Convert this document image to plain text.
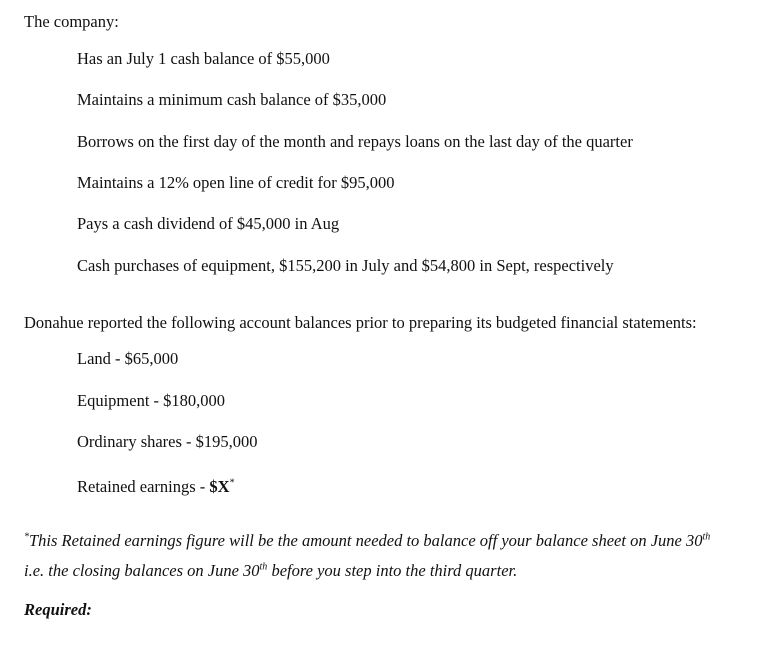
The company:
Has an July 1 cash balance of $55,000
Maintains a minimum cash balance of $35,000
Borrows on the first day of the month and repays loans on the last day of the quarter
Maintains a 12% open line of credit for $95,000
Pays a cash dividend of $45,000 in Aug
Cash purchases of equipment, $155,200 in July and $54,800 in Sept, respectively
Donahue reported the following account balances prior to preparing its budgeted financial statements:
Land - $65,000
Equipment - $180,000
Ordinary shares - $195,000
Retained earnings - $X*
*This Retained earnings figure will be the amount needed to balance off your balance sheet on June 30th
i.e. the closing balances on June 30th before you step into the third quarter.
Required:
